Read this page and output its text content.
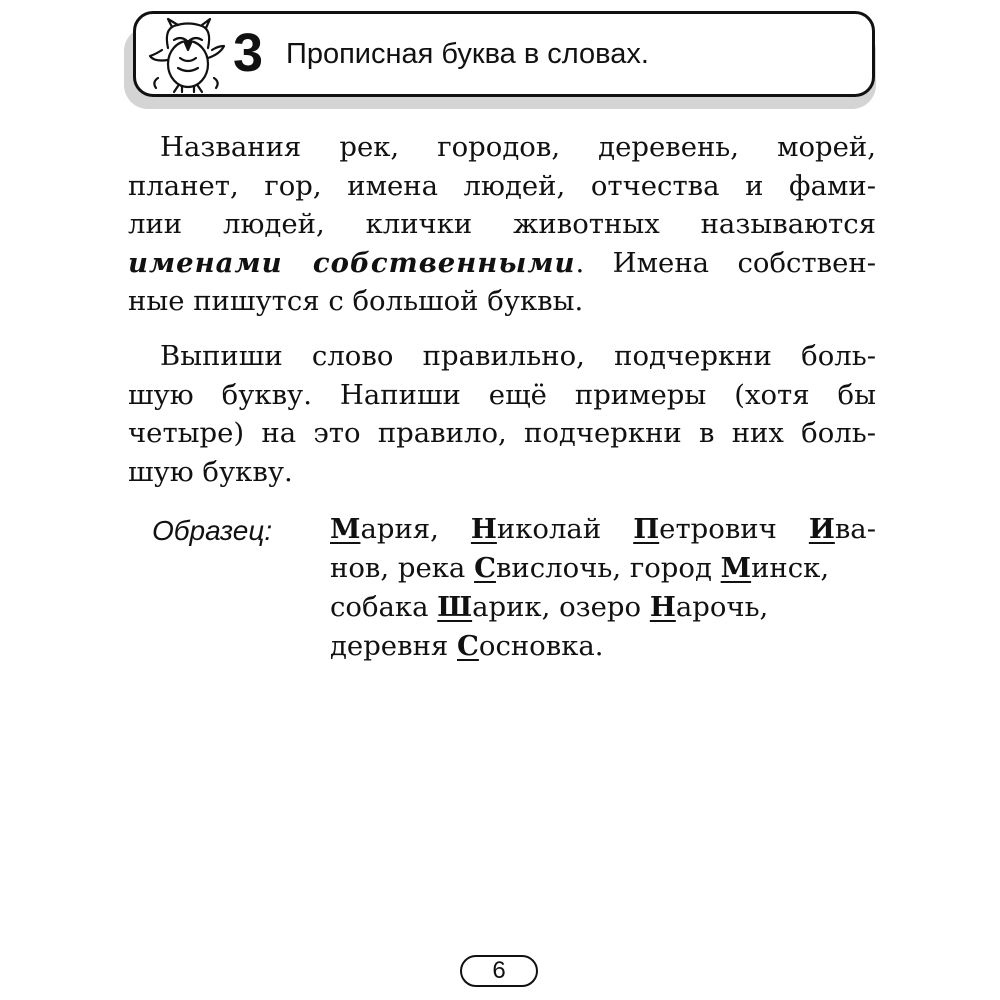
3 Прописная буква в словах.
Названия рек, городов, деревень, морей,
планет, гор, имена людей, отчества и фами-
лии людей, клички животных называются
именами собственными. Имена собствен-
ные пишутся с большой буквы.
Выпиши слово правильно, подчеркни боль-
шую букву. Напиши ещё примеры (хотя бы
четыре) на это правило, подчеркни в них боль-
шую букву.
Образец: Мария, Николай Петрович Ива-
нов, река Свислочь, город Минск,
собака Шарик, озеро Нарочь,
деревня Сосновка.
6
